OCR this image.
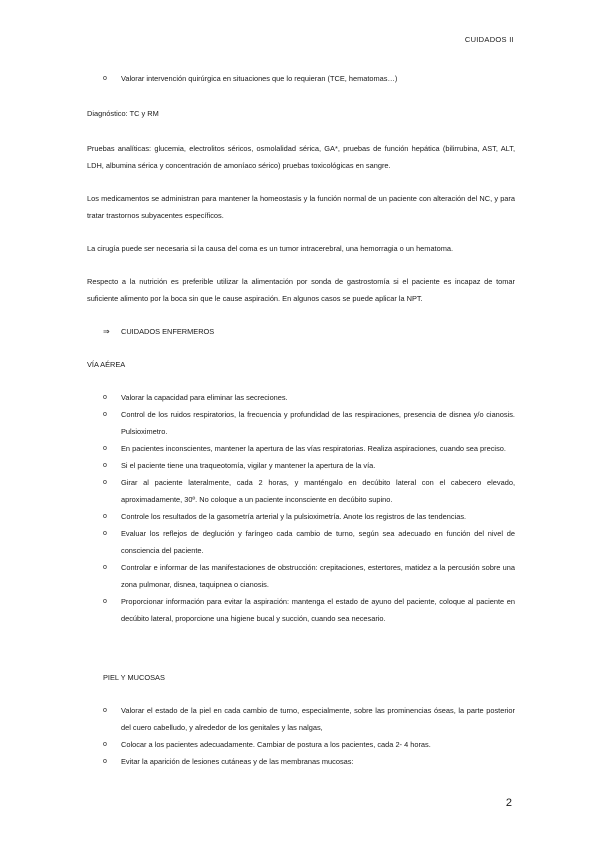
CUIDADOS II
o Valorar intervención quirúrgica en situaciones que lo requieran (TCE, hematomas…)

Diagnóstico: TC y RM

Pruebas analíticas: glucemia, electrolitos séricos, osmolalidad sérica, GA*, pruebas de función hepática (bilirrubina, AST, ALT, LDH, albumina sérica y concentración de amoníaco sérico) pruebas toxicológicas en sangre.

Los medicamentos se administran para mantener la homeostasis y la función normal de un paciente con alteración del NC, y para tratar trastornos subyacentes específicos.

La cirugía puede ser necesaria si la causa del coma es un tumor intracerebral, una hemorragia o un hematoma.

Respecto a la nutrición es preferible utilizar la alimentación por sonda de gastrostomía si el paciente es incapaz de tomar suficiente alimento por la boca sin que le cause aspiración. En algunos casos se puede aplicar la NPT.

⇒ CUIDADOS ENFERMEROS
VÍA AÉREA
o Valorar la capacidad para eliminar las secreciones.
o Control de los ruidos respiratorios, la frecuencia y profundidad de las respiraciones, presencia de disnea y/o cianosis. Pulsioximetro.
o En pacientes inconscientes, mantener la apertura de las vías respiratorias. Realiza aspiraciones, cuando sea preciso.
o Si el paciente tiene una traqueotomía, vigilar y mantener la apertura de la vía.
o Girar al paciente lateralmente, cada 2 horas, y manténgalo en decúbito lateral con el cabecero elevado, aproximadamente, 30º. No coloque a un paciente inconsciente en decúbito supino.
o Controle los resultados de la gasometría arterial y la pulsioximetría. Anote los registros de las tendencias.
o Evaluar los reflejos de deglución y faríngeo cada cambio de turno, según sea adecuado en función del nivel de consciencia del paciente.
o Controlar e informar de las manifestaciones de obstrucción: crepitaciones, estertores, matidez a la percusión sobre una zona pulmonar, disnea, taquipnea o cianosis.
o Proporcionar información para evitar la aspiración: mantenga el estado de ayuno del paciente, coloque al paciente en decúbito lateral, proporcione una higiene bucal y succión, cuando sea necesario.
PIEL Y MUCOSAS
o Valorar el estado de la piel en cada cambio de turno, especialmente, sobre las prominencias óseas, la parte posterior del cuero cabelludo, y alrededor de los genitales y las nalgas,
o Colocar a los pacientes adecuadamente. Cambiar de postura a los pacientes, cada 2- 4 horas.
o Evitar la aparición de lesiones cutáneas y de las membranas mucosas:
2
